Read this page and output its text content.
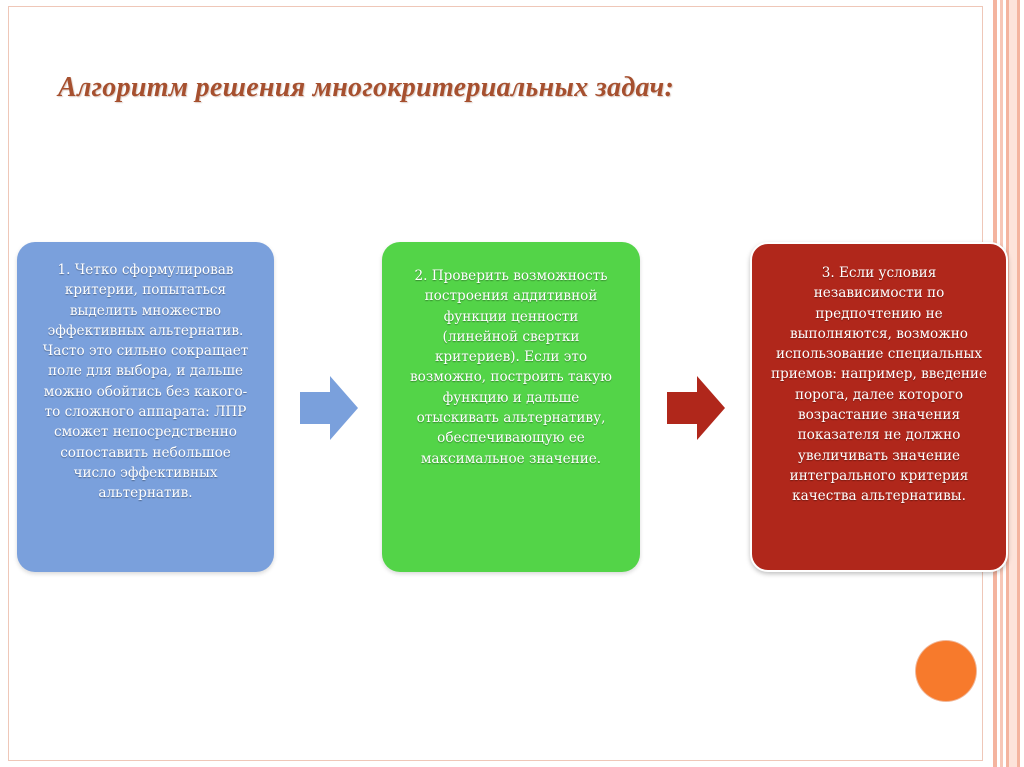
Алгоритм решения многокритериальных задач:
1. Четко сформулировав критерии, попытаться выделить множество эффективных альтернатив. Часто это сильно сокращает поле для выбора, и дальше можно обойтись без какого-то сложного аппарата: ЛПР сможет непосредственно сопоставить небольшое число эффективных альтернатив.
2. Проверить возможность построения аддитивной функции ценности (линейной свертки критериев). Если это возможно, построить такую функцию и дальше отыскивать альтернативу, обеспечивающую ее максимальное значение.
3. Если условия независимости по предпочтению не выполняются, возможно использование специальных приемов: например, введение порога, далее которого возрастание значения показателя не должно увеличивать значение интегрального критерия качества альтернативы.
